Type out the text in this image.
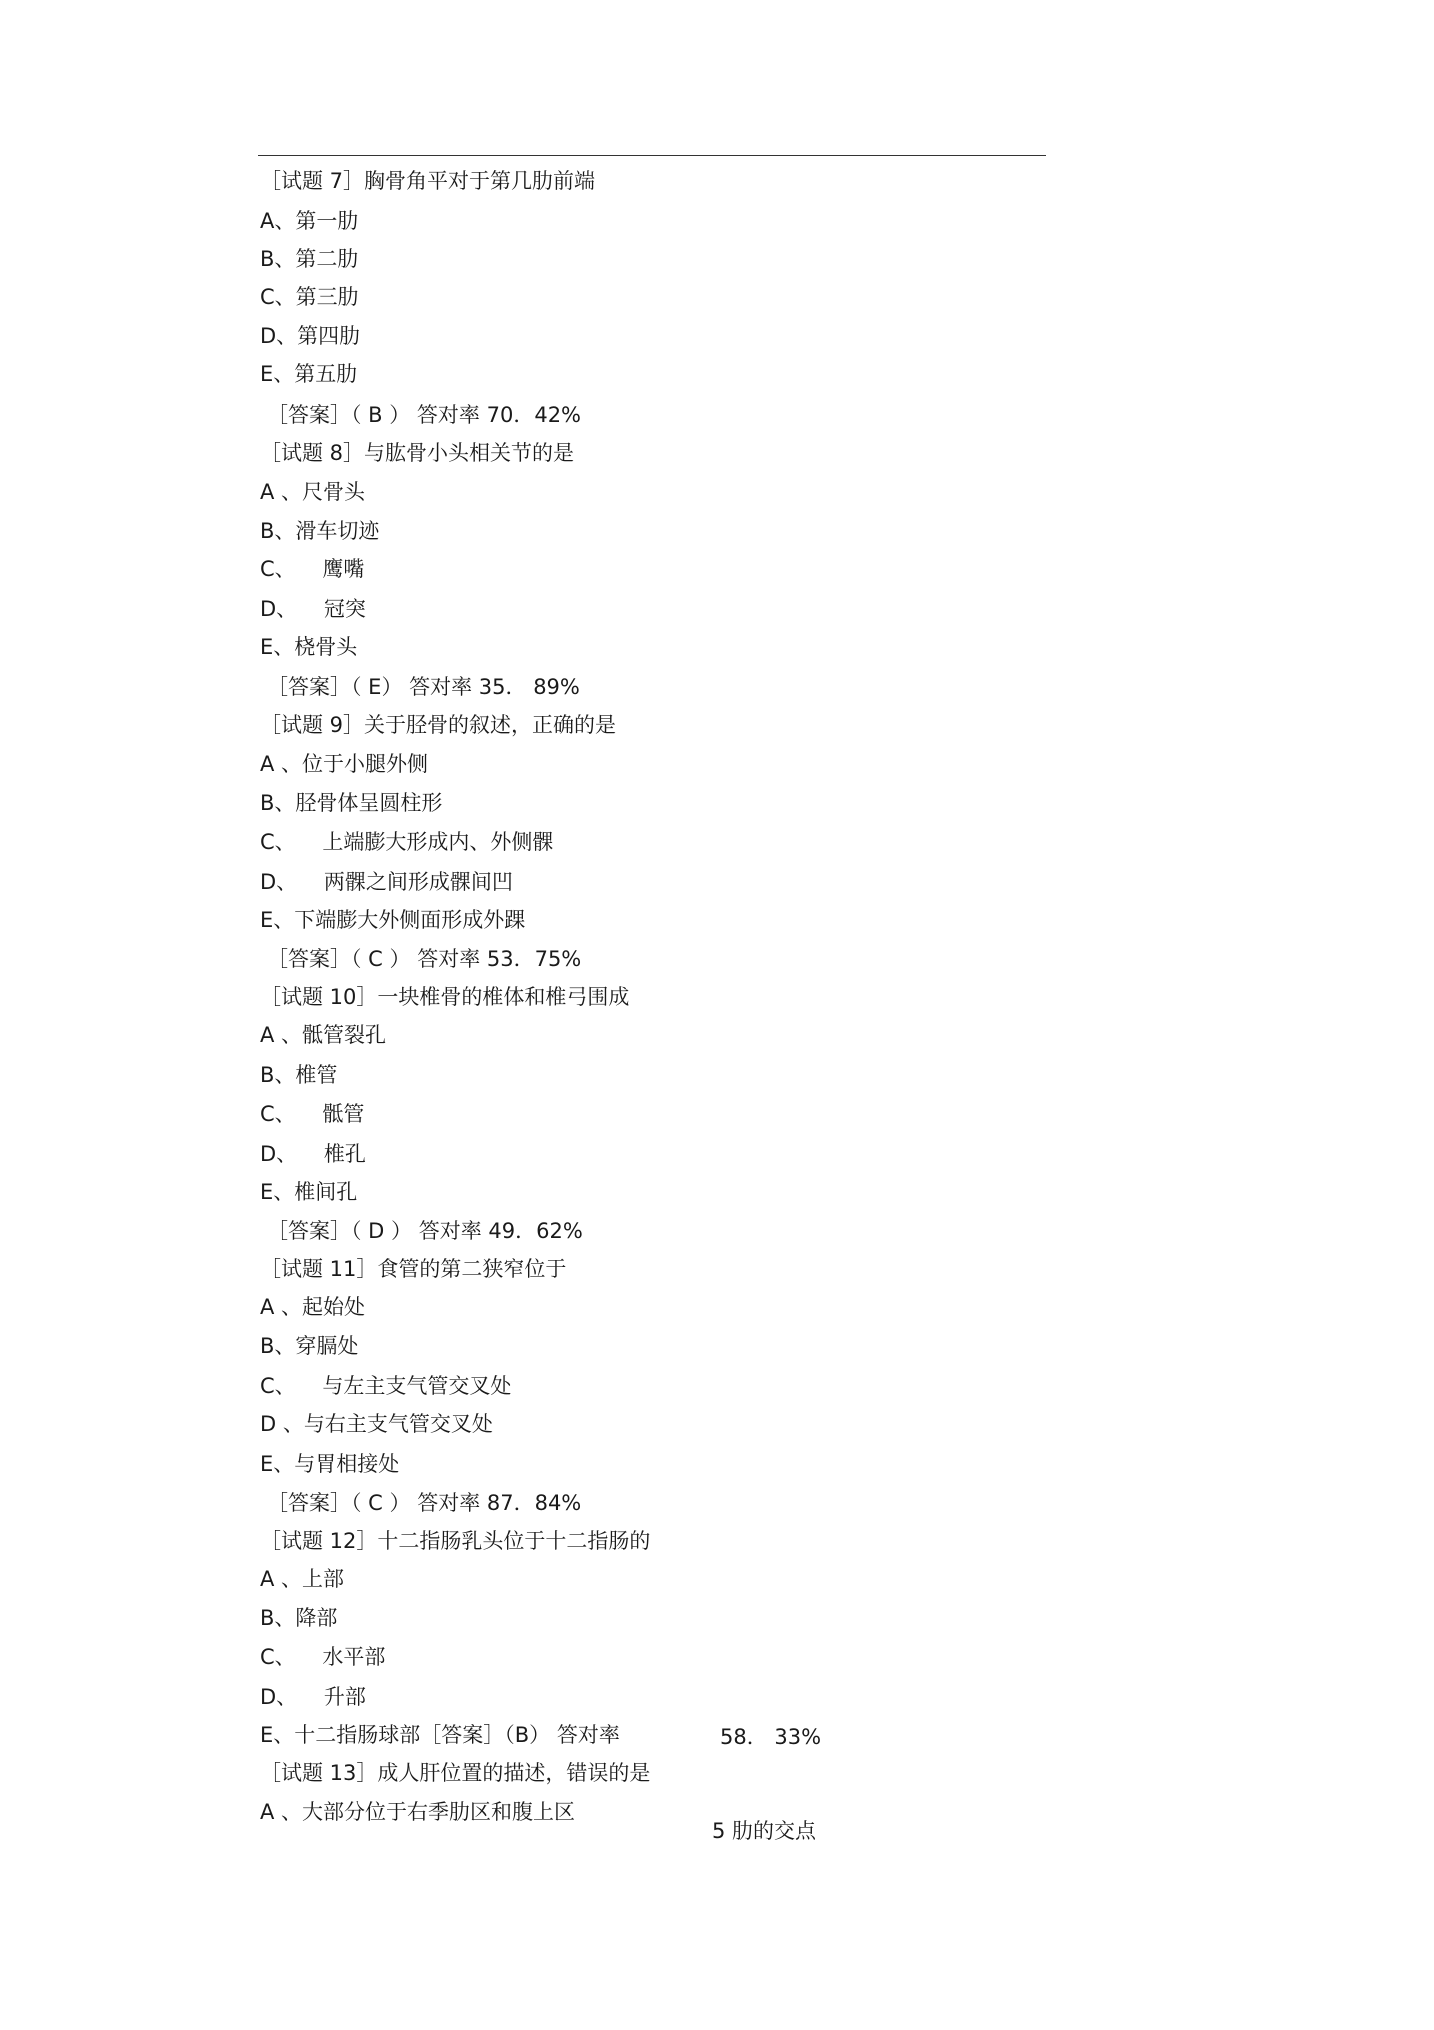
［试题 7］胸骨角平对于第几肋前端
A、第一肋
B、第二肋
C、第三肋
D、第四肋
E、第五肋
［答案］（ B ） 答对率 70．42%
［试题 8］与肱骨小头相关节的是
A 、尺骨头
B、滑车切迹
C、    鹰嘴
D、    冠突
E、桡骨头
［答案］（ E） 答对率 35． 89%
［试题 9］关于胫骨的叙述，正确的是
A 、位于小腿外侧
B、胫骨体呈圆柱形
C、    上端膨大形成内、外侧髁
D、    两髁之间形成髁间凹
E、下端膨大外侧面形成外踝
［答案］（ C ） 答对率 53．75%
［试题 10］一块椎骨的椎体和椎弓围成
A 、骶管裂孔
B、椎管
C、    骶管
D、    椎孔
E、椎间孔
［答案］（ D ） 答对率 49．62%
［试题 11］食管的第二狭窄位于
A 、起始处
B、穿膈处
C、    与左主支气管交叉处
D 、与右主支气管交叉处
E、与胃相接处
［答案］（ C ） 答对率 87．84%
［试题 12］十二指肠乳头位于十二指肠的
A 、上部
B、降部
C、    水平部
D、    升部
E、十二指肠球部［答案］（B） 答对率	58． 33%
［试题 13］成人肝位置的描述，错误的是
A 、大部分位于右季肋区和腹上区
5 肋的交点
